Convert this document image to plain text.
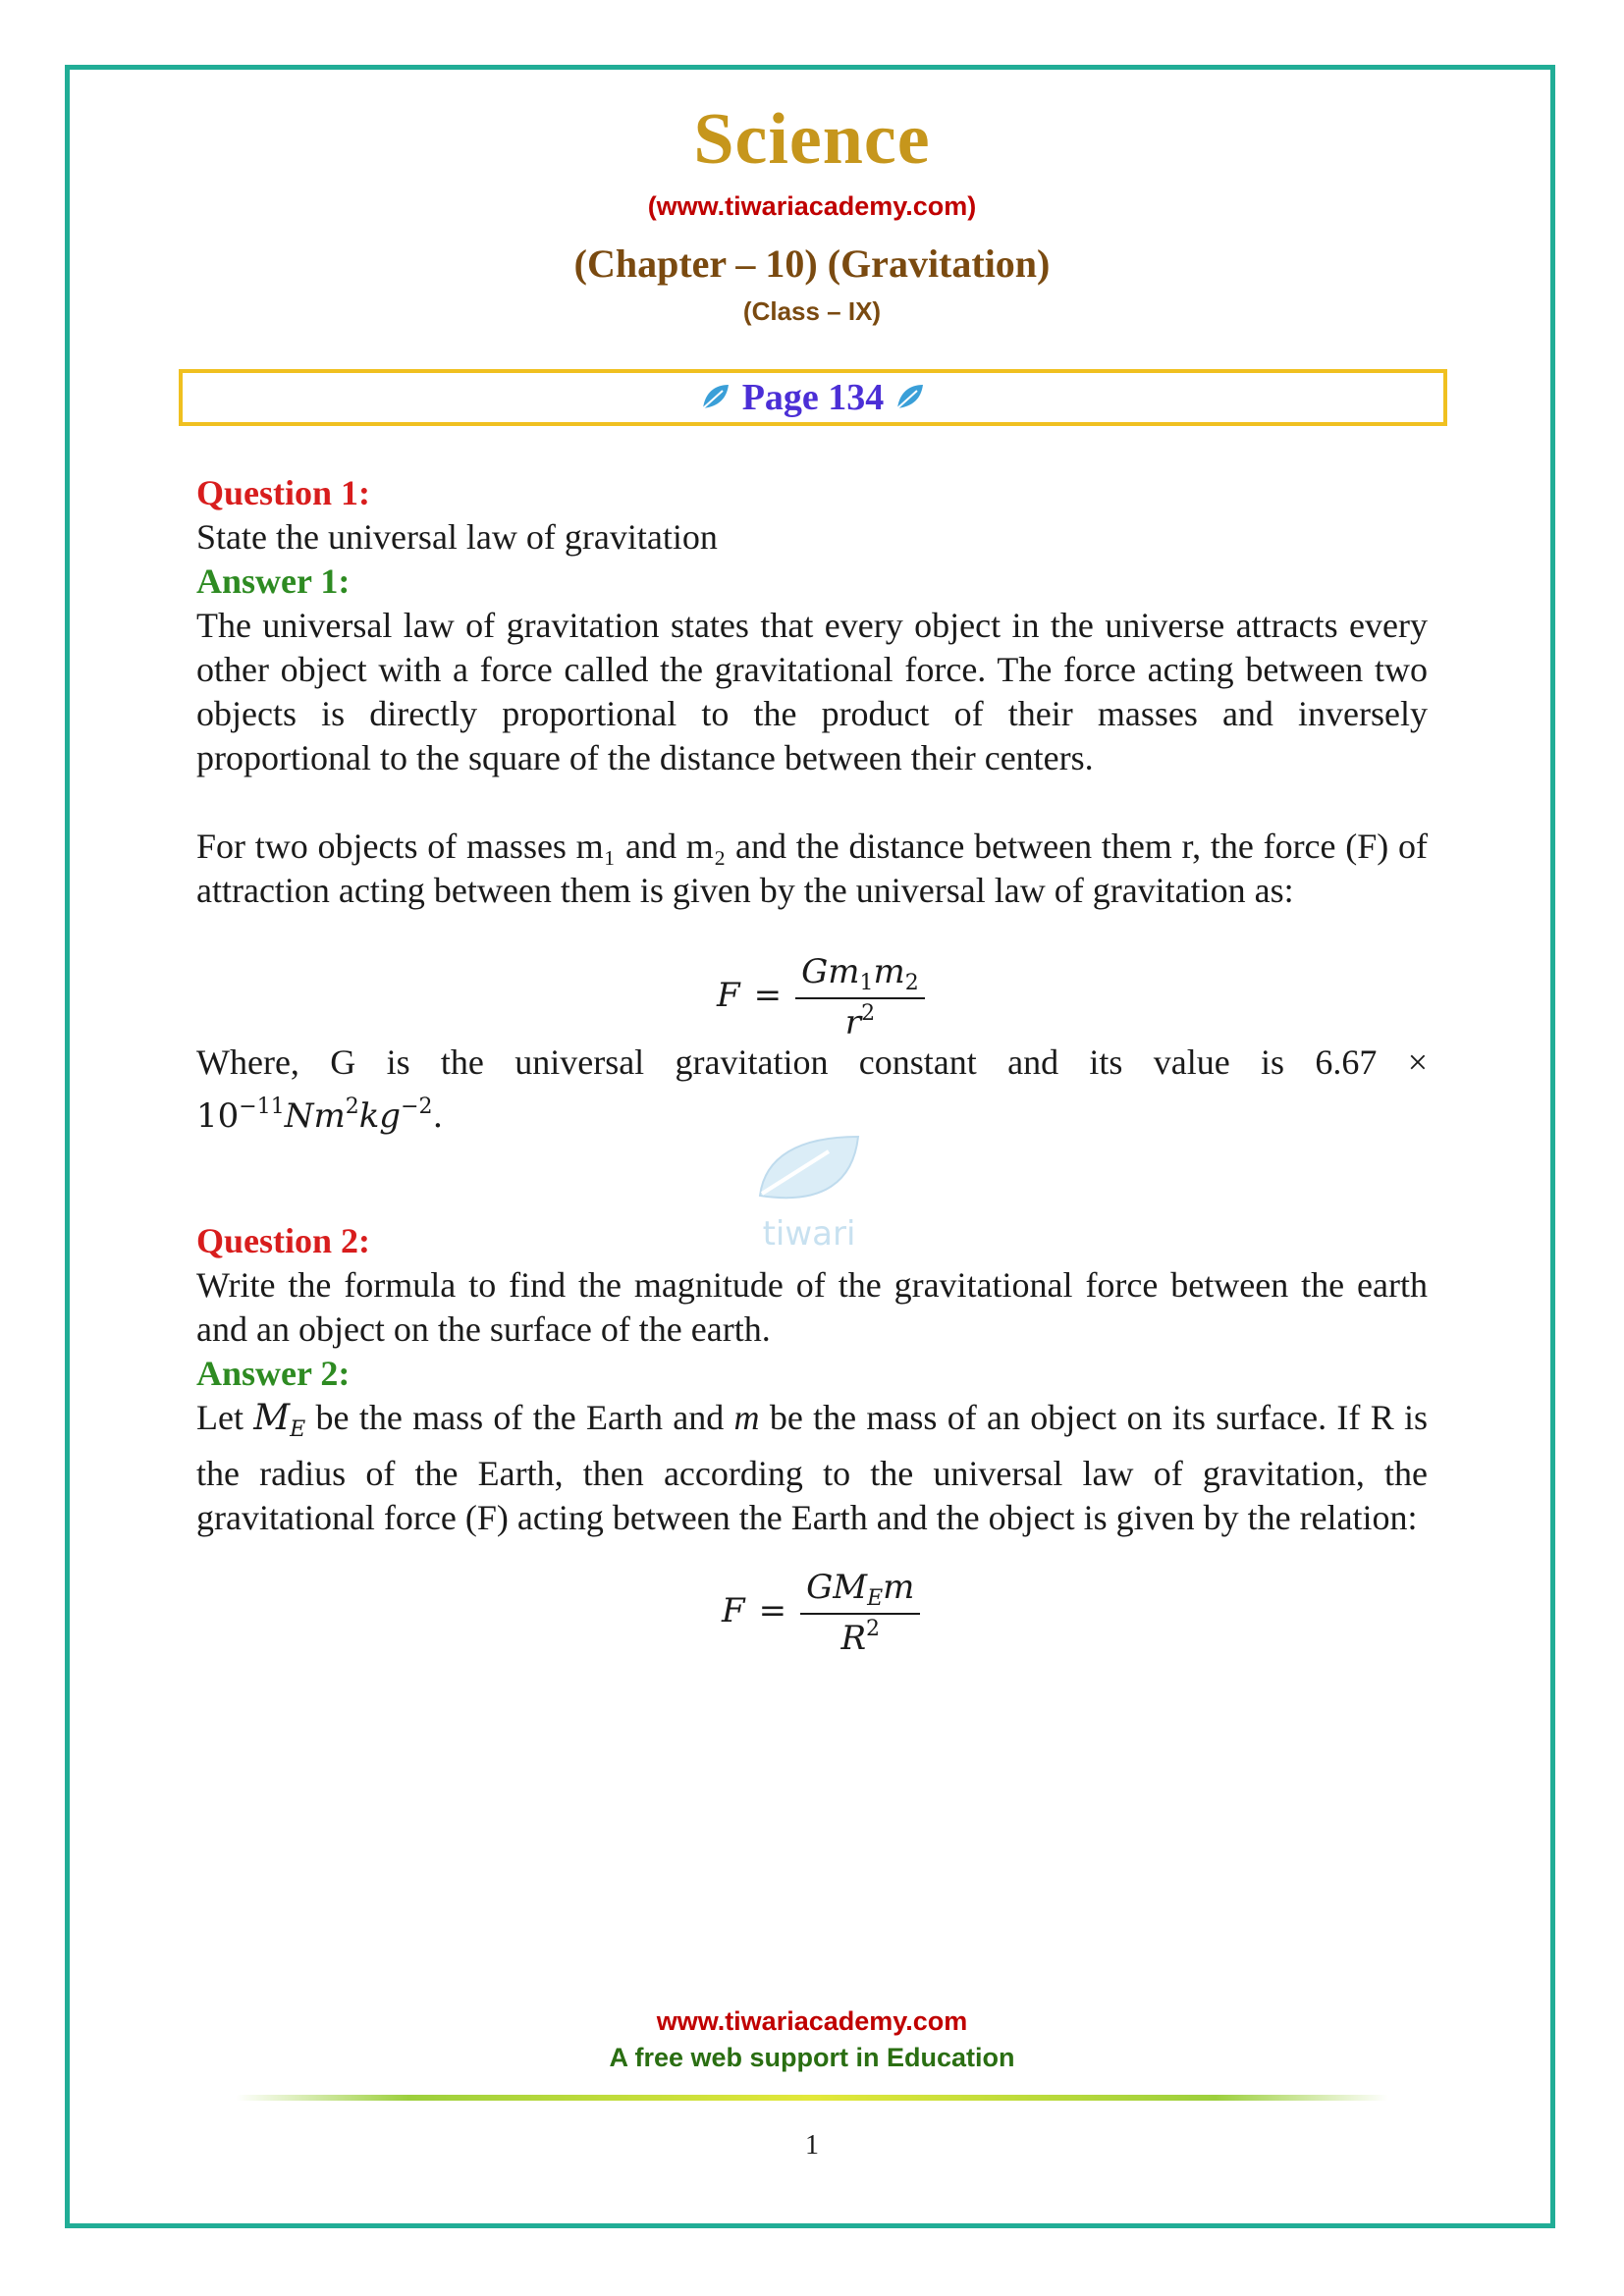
Science
(www.tiwariacademy.com)
(Chapter – 10) (Gravitation)
(Class – IX)
Page 134
Question 1:
State the universal law of gravitation
Answer 1:
The universal law of gravitation states that every object in the universe attracts every other object with a force called the gravitational force. The force acting between two objects is directly proportional to the product of their masses and inversely proportional to the square of the distance between their centers.
For two objects of masses m₁ and m₂ and the distance between them r, the force (F) of attraction acting between them is given by the universal law of gravitation as:
$F = \frac{Gm_1m_2}{r^2}$
Where, G is the universal gravitation constant and its value is 6.67 ×
$10^{-11}Nm^2kg^{-2}$.
tiwari
Question 2:
Write the formula to find the magnitude of the gravitational force between the earth and an object on the surface of the earth.
Answer 2:
Let ME be the mass of the Earth and m be the mass of an object on its surface. If R is the radius of the Earth, then according to the universal law of gravitation, the gravitational force (F) acting between the Earth and the object is given by the relation:
$F = \frac{GM_Em}{R^2}$
www.tiwariacademy.com
A free web support in Education
1
